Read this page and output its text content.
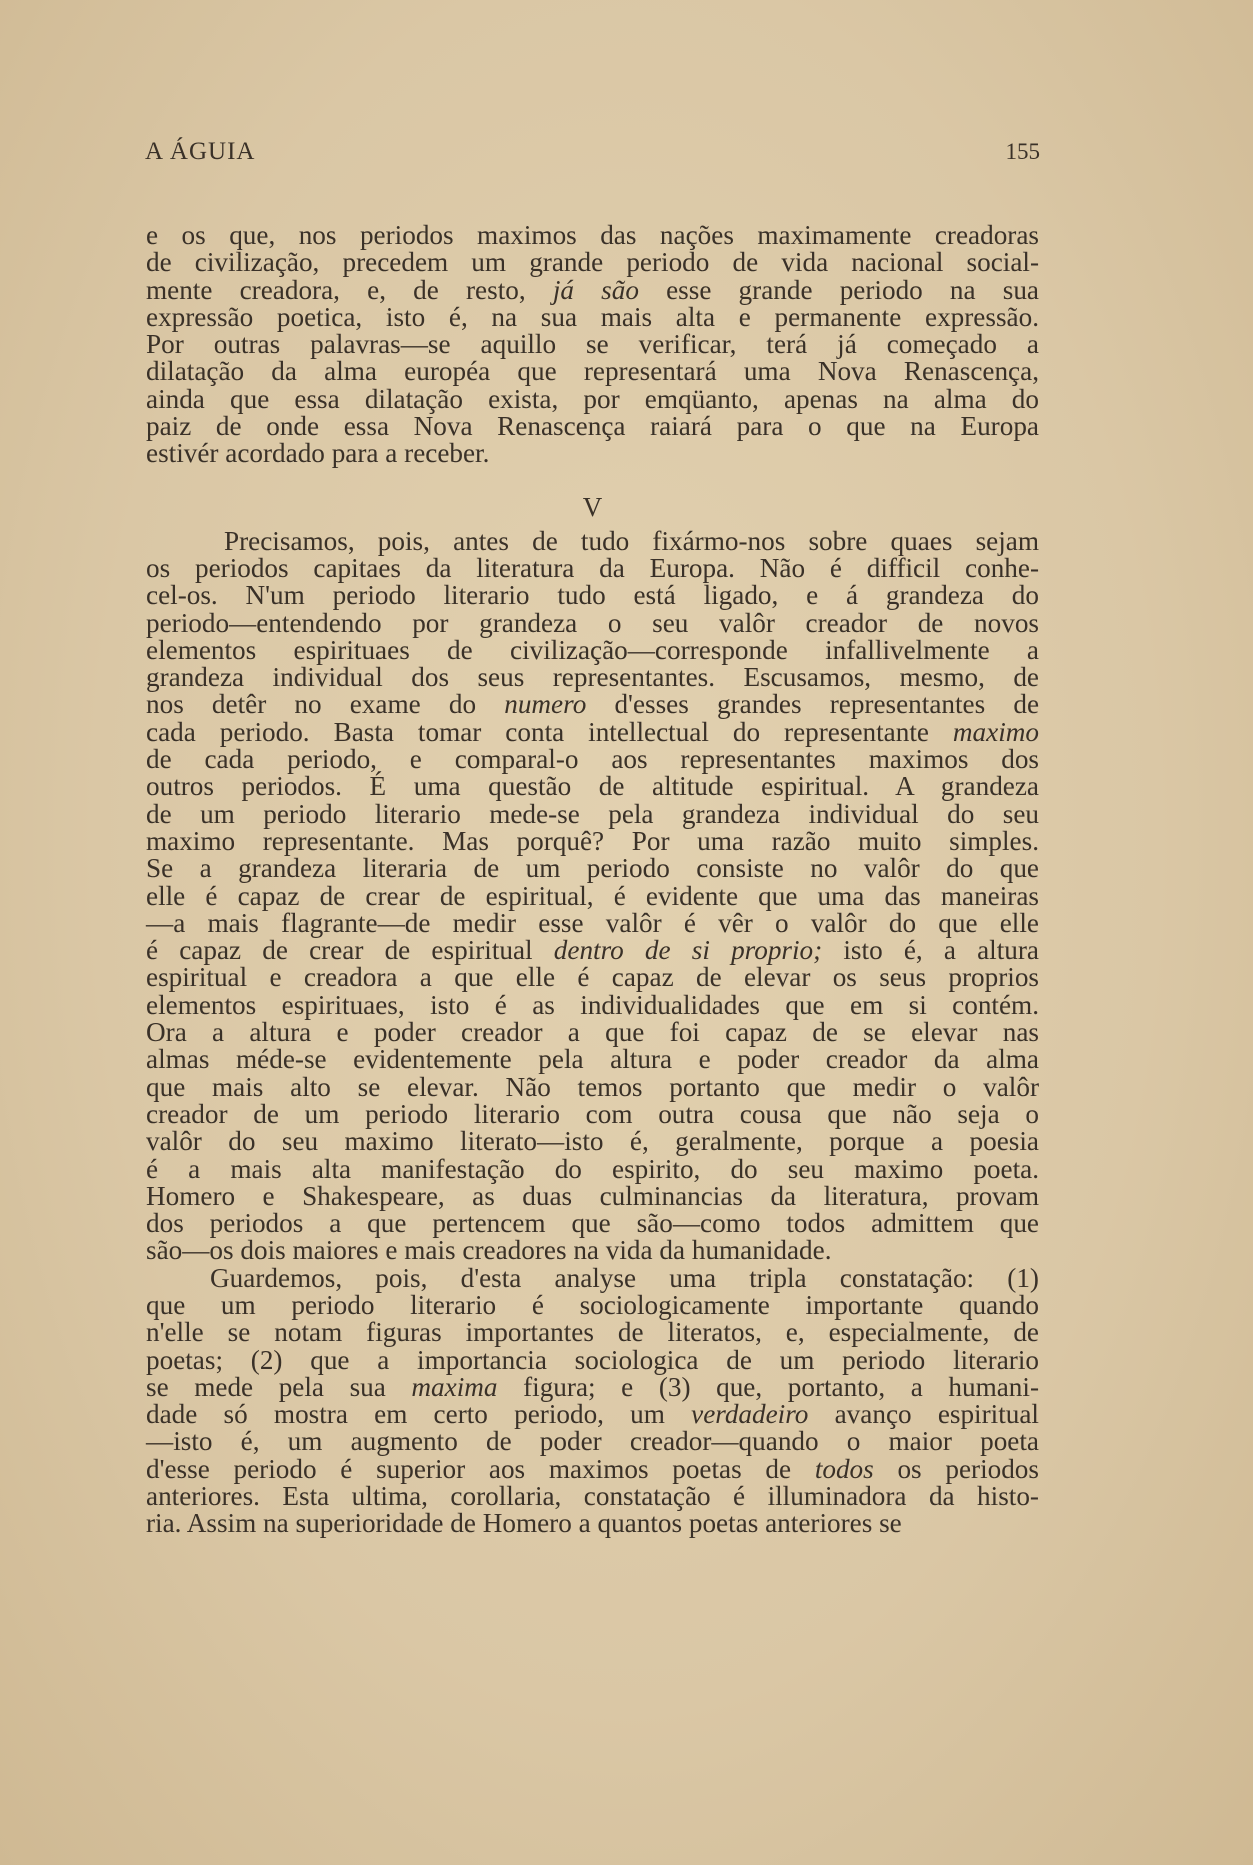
A ÁGUIA	155
e os que, nos periodos maximos das nações maximamente creadoras
de civilização, precedem um grande periodo de vida nacional social-
mente creadora, e, de resto, já são esse grande periodo na sua
expressão poetica, isto é, na sua mais alta e permanente expressão.
Por outras palavras—se aquillo se verificar, terá já começado a
dilatação da alma européa que representará uma Nova Renascença,
ainda que essa dilatação exista, por emqüanto, apenas na alma do
paiz de onde essa Nova Renascença raiará para o que na Europa
estivér acordado para a receber.
V
Precisamos, pois, antes de tudo fixármo-nos sobre quaes sejam
os periodos capitaes da literatura da Europa. Não é difficil conhe-
cel-os. N'um periodo literario tudo está ligado, e á grandeza do
periodo—entendendo por grandeza o seu valôr creador de novos
elementos espirituaes de civilização—corresponde infallivelmente a
grandeza individual dos seus representantes. Escusamos, mesmo, de
nos detêr no exame do numero d'esses grandes representantes de
cada periodo. Basta tomar conta intellectual do representante maximo
de cada periodo, e comparal-o aos representantes maximos dos
outros periodos. É uma questão de altitude espiritual. A grandeza
de um periodo literario mede-se pela grandeza individual do seu
maximo representante. Mas porquê? Por uma razão muito simples.
Se a grandeza literaria de um periodo consiste no valôr do que
elle é capaz de crear de espiritual, é evidente que uma das maneiras
—a mais flagrante—de medir esse valôr é vêr o valôr do que elle
é capaz de crear de espiritual dentro de si proprio; isto é, a altura
espiritual e creadora a que elle é capaz de elevar os seus proprios
elementos espirituaes, isto é as individualidades que em si contém.
Ora a altura e poder creador a que foi capaz de se elevar nas
almas méde-se evidentemente pela altura e poder creador da alma
que mais alto se elevar. Não temos portanto que medir o valôr
creador de um periodo literario com outra cousa que não seja o
valôr do seu maximo literato—isto é, geralmente, porque a poesia
é a mais alta manifestação do espirito, do seu maximo poeta.
Homero e Shakespeare, as duas culminancias da literatura, provam
dos periodos a que pertencem que são—como todos admittem que
são—os dois maiores e mais creadores na vida da humanidade.
Guardemos, pois, d'esta analyse uma tripla constatação: (1)
que um periodo literario é sociologicamente importante quando
n'elle se notam figuras importantes de literatos, e, especialmente, de
poetas; (2) que a importancia sociologica de um periodo literario
se mede pela sua maxima figura; e (3) que, portanto, a humani-
dade só mostra em certo periodo, um verdadeiro avanço espiritual
—isto é, um augmento de poder creador—quando o maior poeta
d'esse periodo é superior aos maximos poetas de todos os periodos
anteriores. Esta ultima, corollaria, constatação é illuminadora da histo-
ria. Assim na superioridade de Homero a quantos poetas anteriores se
